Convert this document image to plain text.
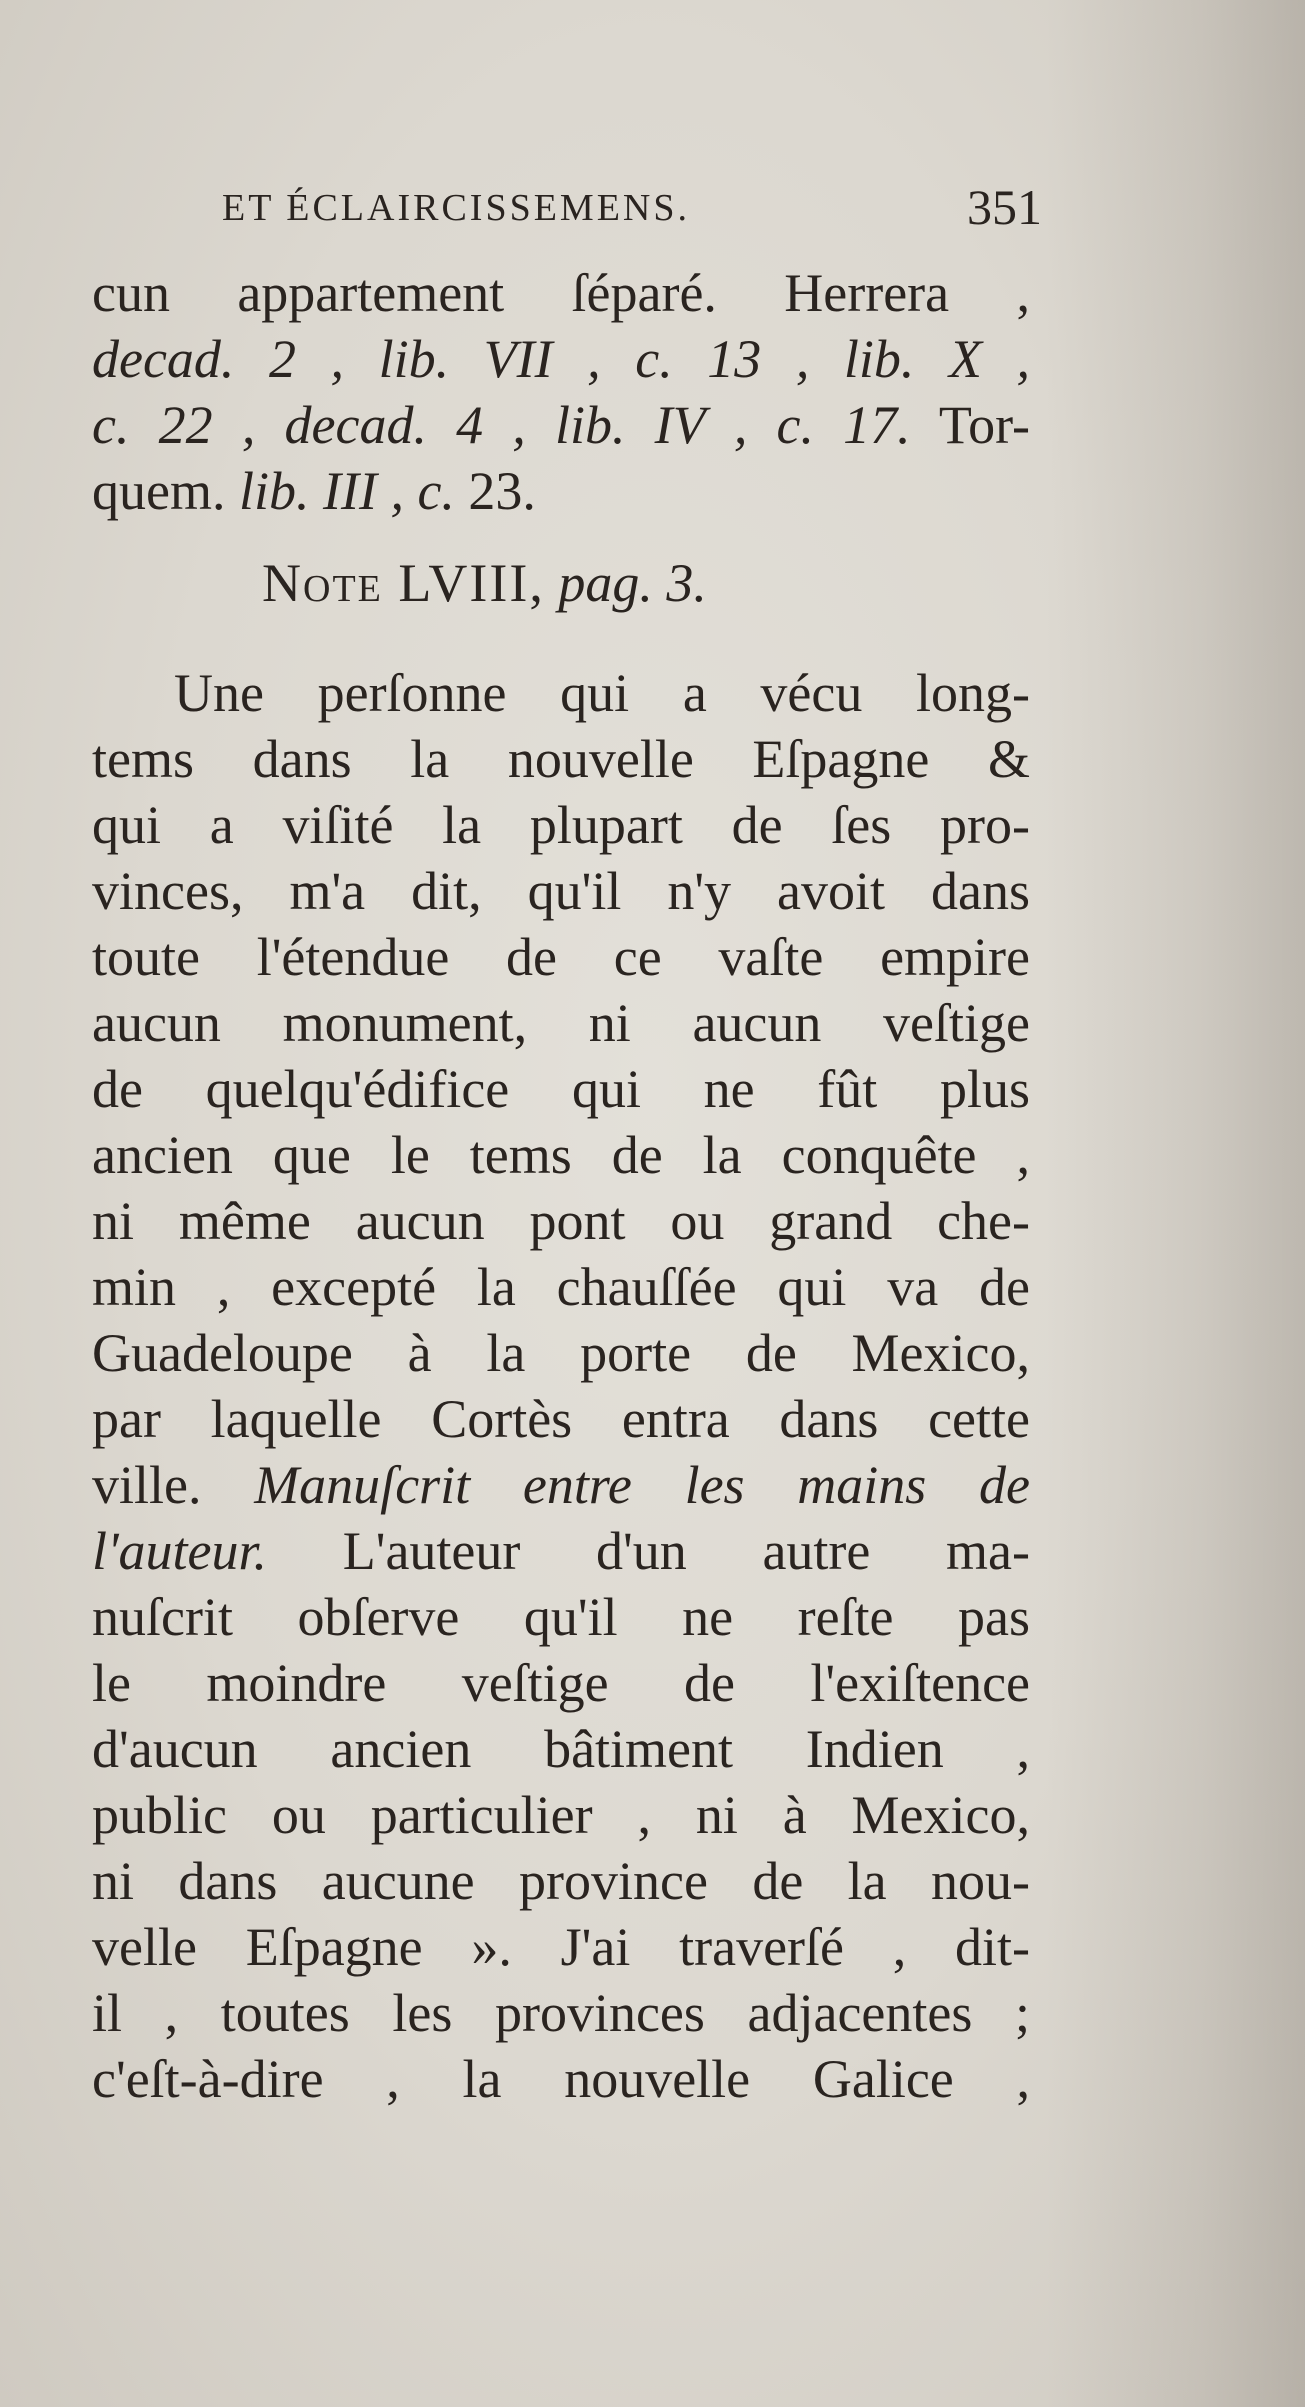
ET ÉCLAIRCISSEMENS.	351
cun appartement ſéparé. Herrera ,
decad. 2 , lib. VII , c. 13 , lib. X ,
c. 22 , decad. 4 , lib. IV , c. 17. Tor-
quem. lib. III , c. 23.
Note LVIII, pag. 3.
Une perſonne qui a vécu long-
tems dans la nouvelle Eſpagne &
qui a viſité la plupart de ſes pro-
vinces, m'a dit, qu'il n'y avoit dans
toute l'étendue de ce vaſte empire
aucun monument, ni aucun veſtige
de quelqu'édifice qui ne fût plus
ancien que le tems de la conquête ,
ni même aucun pont ou grand che-
min , excepté la chauſſée qui va de
Guadeloupe à la porte de Mexico,
par laquelle Cortès entra dans cette
ville. Manuſcrit entre les mains de
l'auteur. L'auteur d'un autre ma-
nuſcrit obſerve qu'il ne reſte pas
le moindre veſtige de l'exiſtence
d'aucun ancien bâtiment Indien ,
public ou particulier , ni à Mexico,
ni dans aucune province de la nou-
velle Eſpagne ». J'ai traverſé , dit-
il , toutes les provinces adjacentes ;
c'eſt-à-dire , la nouvelle Galice ,
